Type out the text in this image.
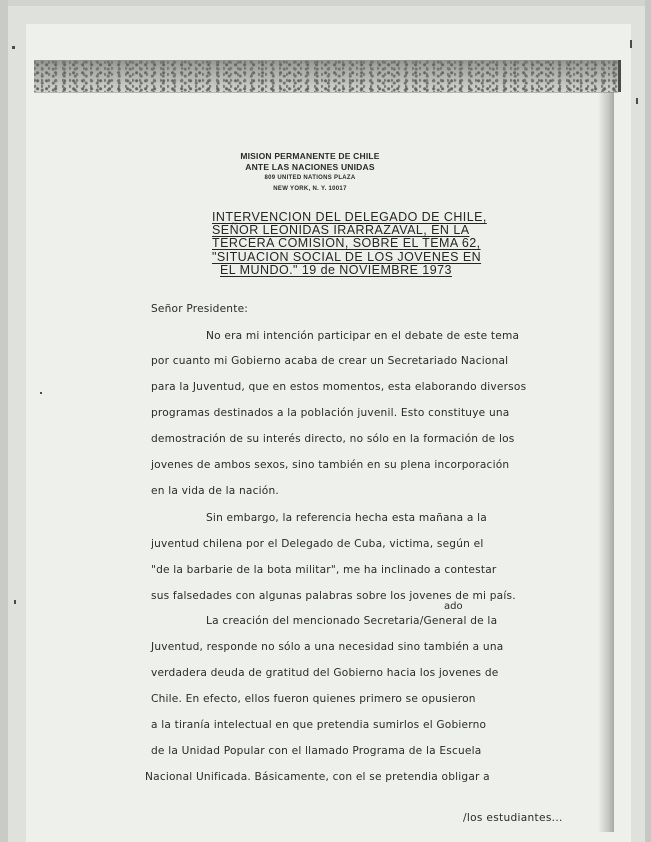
MISION PERMANENTE DE CHILE
ANTE LAS NACIONES UNIDAS
809 UNITED NATIONS PLAZA
NEW YORK, N. Y. 10017
INTERVENCION DEL DELEGADO DE CHILE,
SEÑOR LEONIDAS IRARRAZAVAL, EN LA
TERCERA COMISION, SOBRE EL TEMA 62,
"SITUACION SOCIAL DE LOS JOVENES EN
EL MUNDO." 19 de NOVIEMBRE 1973
Señor Presidente:
No era mi intención participar en el debate de este tema
por cuanto mi Gobierno acaba de crear un Secretariado Nacional
para la Juventud, que en estos momentos, esta elaborando diversos
programas destinados a la población juvenil. Esto constituye una
demostración de su interés directo, no sólo en la formación de los
jovenes de ambos sexos, sino también en su plena incorporación
en la vida de la nación.
Sin embargo, la referencia hecha esta mañana a la
juventud chilena por el Delegado de Cuba, victima, según el
"de la barbarie de la bota militar", me ha inclinado a contestar
sus falsedades con algunas palabras sobre los jovenes de mi país.
La creación del mencionado Secretaria/General de la
Juventud, responde no sólo a una necesidad sino también a una
verdadera deuda de gratitud del Gobierno hacia los jovenes de
Chile. En efecto, ellos fueron quienes primero se opusieron
a la tiranía intelectual en que pretendia sumirlos el Gobierno
de la Unidad Popular con el llamado Programa de la Escuela
Nacional Unificada. Básicamente, con el se pretendia obligar a
ado
/los estudiantes...
